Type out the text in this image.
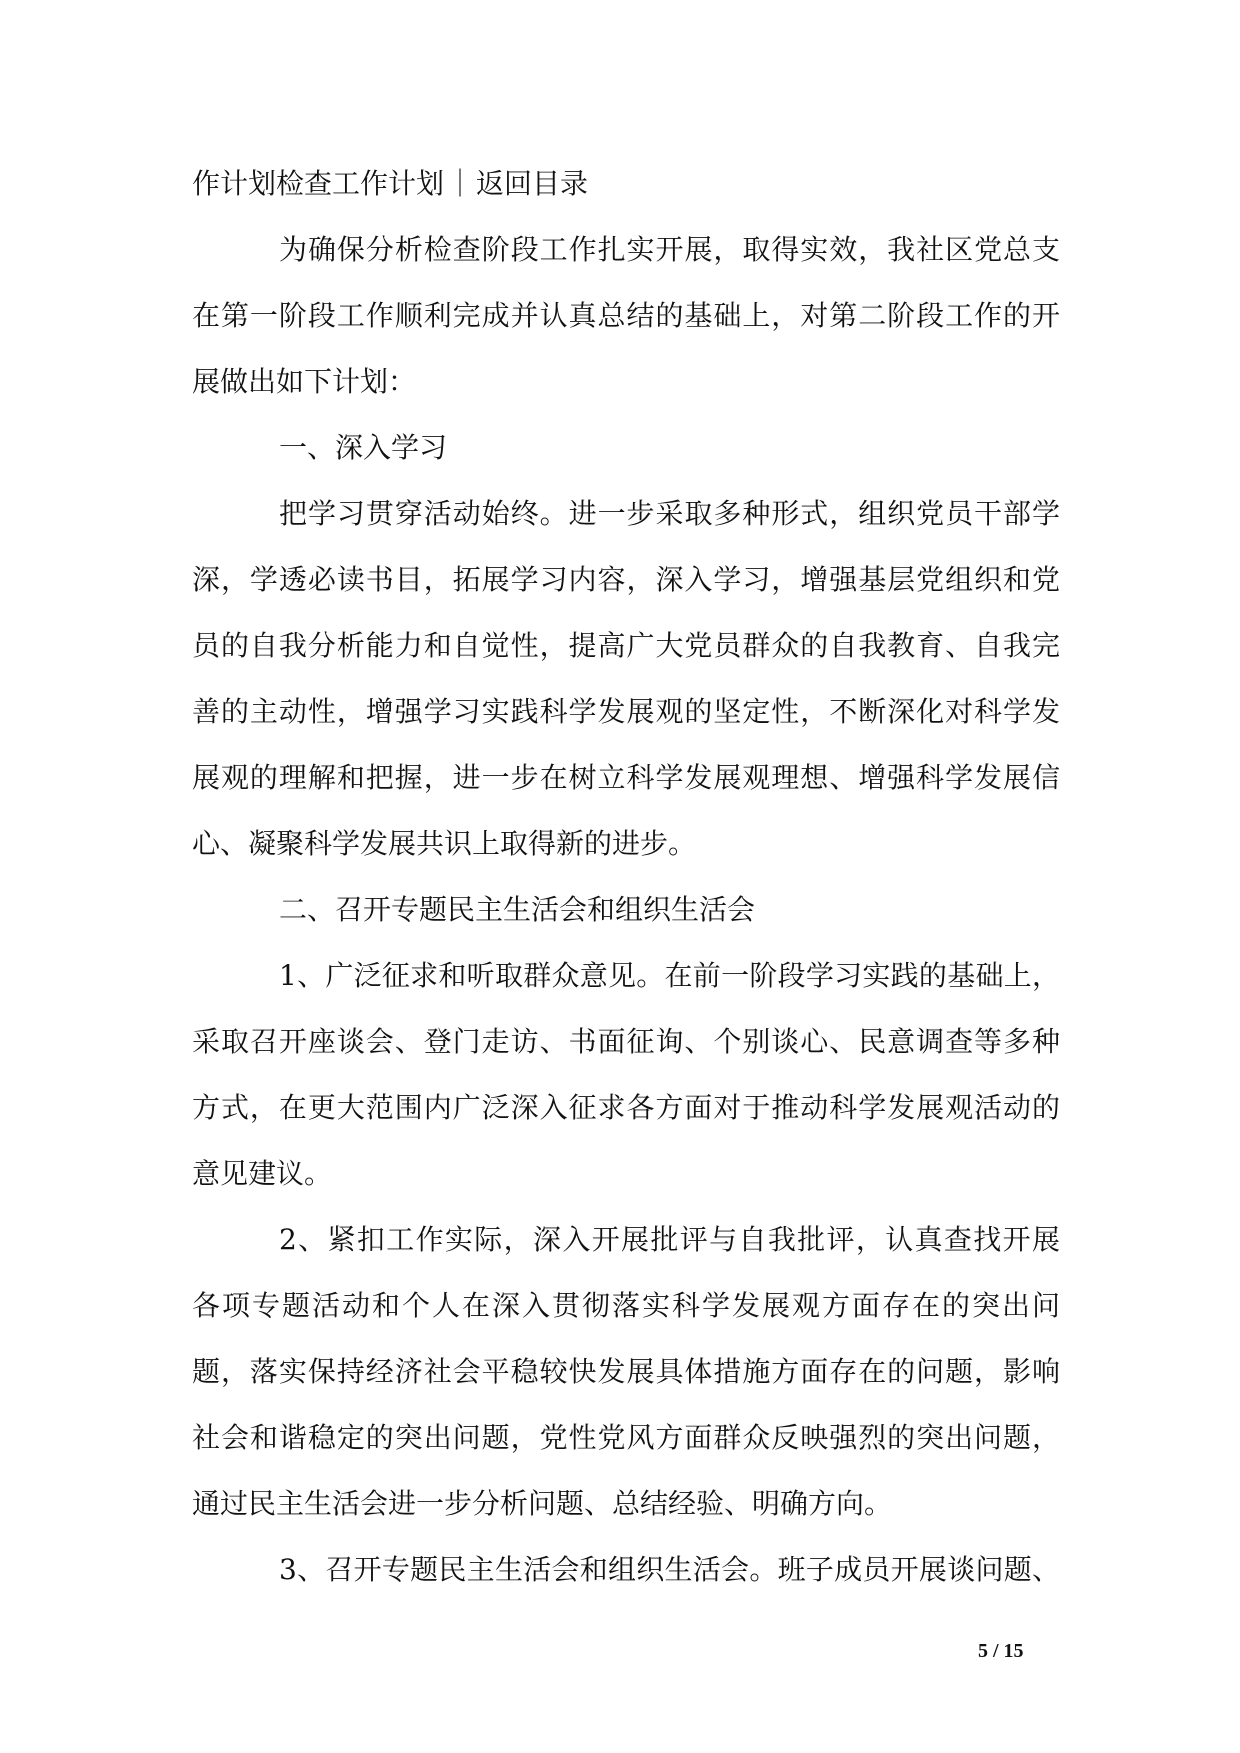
作计划检查工作计划｜返回目录
为确保分析检查阶段工作扎实开展，取得实效，我社区党总支
在第一阶段工作顺利完成并认真总结的基础上，对第二阶段工作的开
展做出如下计划：
一、深入学习
把学习贯穿活动始终。进一步采取多种形式，组织党员干部学
深，学透必读书目，拓展学习内容，深入学习，增强基层党组织和党
员的自我分析能力和自觉性，提高广大党员群众的自我教育、自我完
善的主动性，增强学习实践科学发展观的坚定性，不断深化对科学发
展观的理解和把握，进一步在树立科学发展观理想、增强科学发展信
心、凝聚科学发展共识上取得新的进步。
二、召开专题民主生活会和组织生活会
1、广泛征求和听取群众意见。在前一阶段学习实践的基础上，
采取召开座谈会、登门走访、书面征询、个别谈心、民意调查等多种
方式，在更大范围内广泛深入征求各方面对于推动科学发展观活动的
意见建议。
2、紧扣工作实际，深入开展批评与自我批评，认真查找开展
各项专题活动和个人在深入贯彻落实科学发展观方面存在的突出问
题，落实保持经济社会平稳较快发展具体措施方面存在的问题，影响
社会和谐稳定的突出问题，党性党风方面群众反映强烈的突出问题，
通过民主生活会进一步分析问题、总结经验、明确方向。
3、召开专题民主生活会和组织生活会。班子成员开展谈问题、
5 / 15
